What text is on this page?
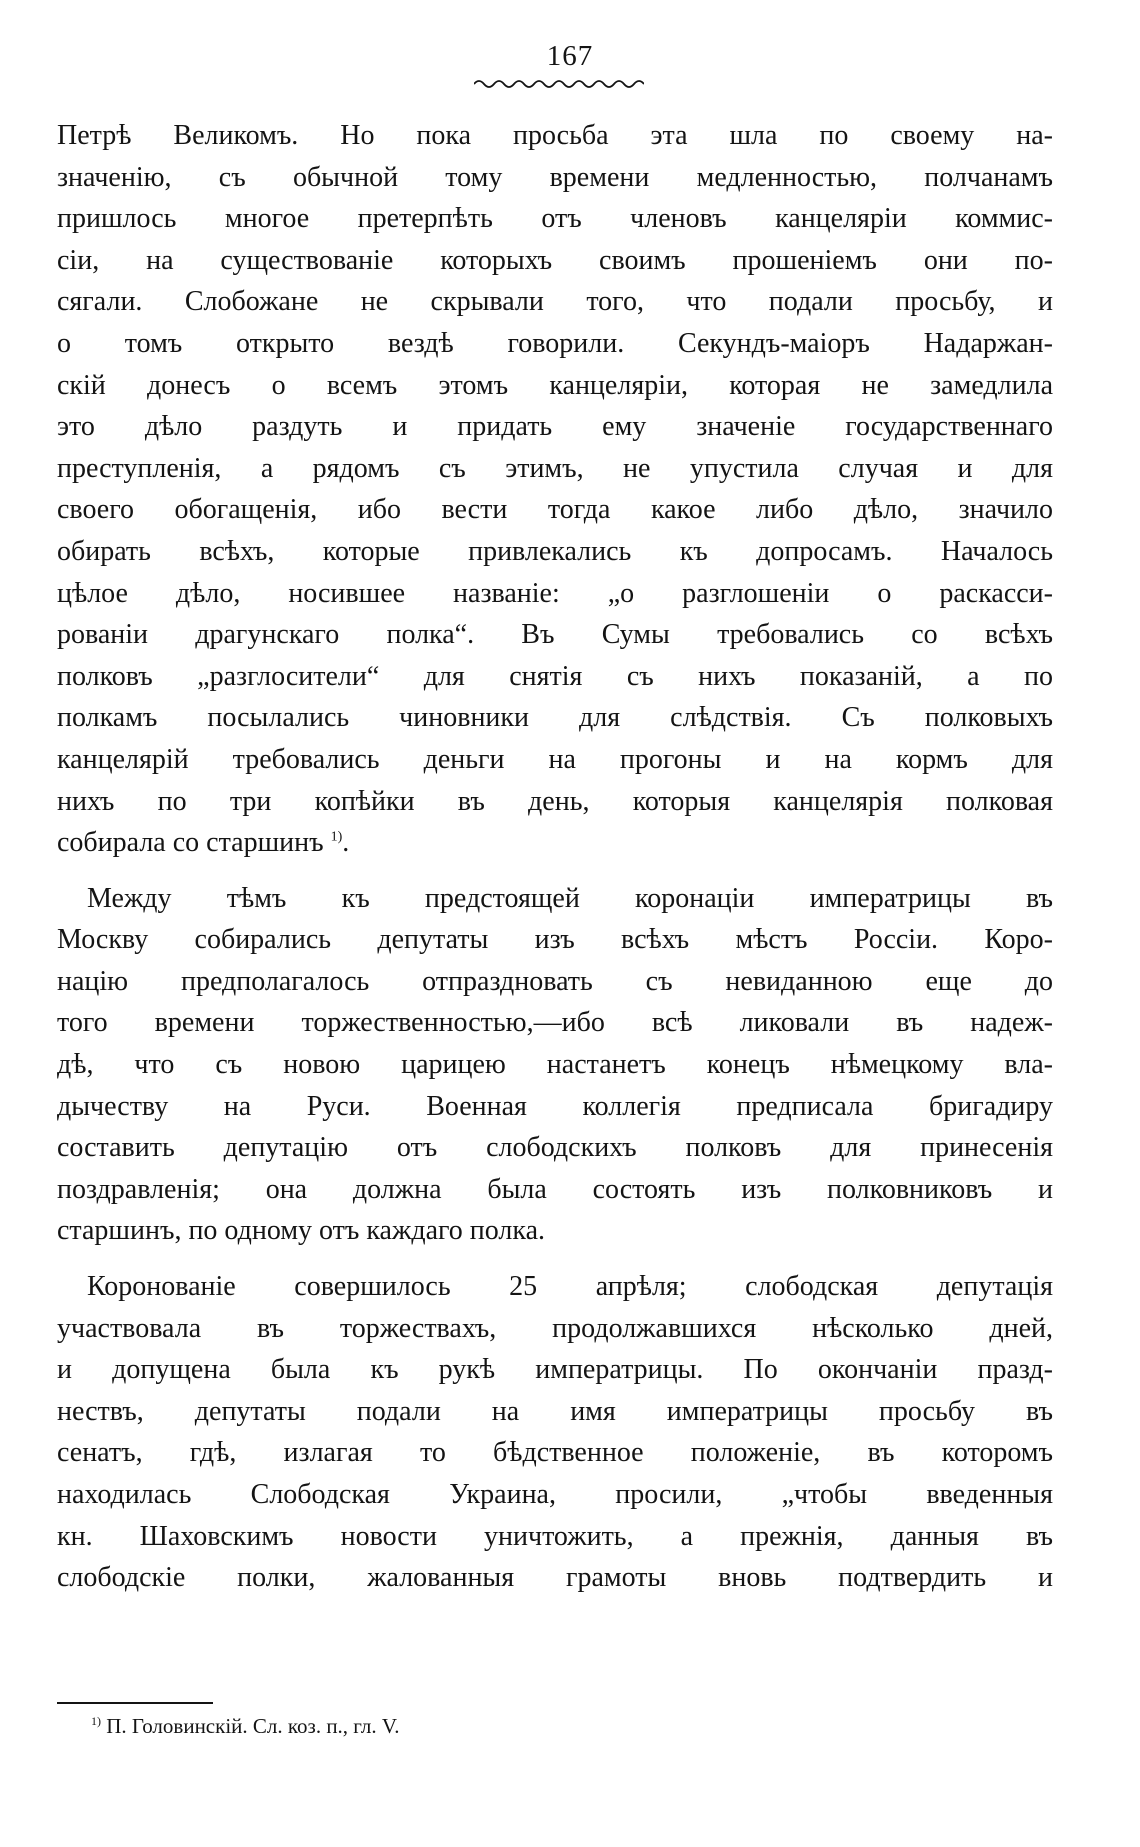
167
Петрѣ Великомъ. Но пока просьба эта шла по своему на-
значенію, съ обычной тому времени медленностью, полчанамъ
пришлось многое претерпѣть отъ членовъ канцеляріи коммис-
сіи, на существованіе которыхъ своимъ прошеніемъ они по-
сягали. Слобожане не скрывали того, что подали просьбу, и
о томъ открыто вездѣ говорили. Секундъ-маіоръ Надаржан-
скій донесъ о всемъ этомъ канцеляріи, которая не замедлила
это дѣло раздуть и придать ему значеніе государственнаго
преступленія, а рядомъ съ этимъ, не упустила случая и для
своего обогащенія, ибо вести тогда какое либо дѣло, значило
обирать всѣхъ, которые привлекались къ допросамъ. Началось
цѣлое дѣло, носившее названіе: „о разглошеніи о раскасси-
рованіи драгунскаго полка“. Въ Сумы требовались со всѣхъ
полковъ „разглосители“ для снятія съ нихъ показаній, а по
полкамъ посылались чиновники для слѣдствія. Съ полковыхъ
канцелярій требовались деньги на прогоны и на кормъ для
нихъ по три копѣйки въ день, которыя канцелярія полковая
собирала со старшинъ $^{1)}$.
Между тѣмъ къ предстоящей коронаціи императрицы въ
Москву собирались депутаты изъ всѣхъ мѣстъ Россіи. Коро-
націю предполагалось отпраздновать съ невиданною еще до
того времени торжественностью,—ибо всѣ ликовали въ надеж-
дѣ, что съ новою царицею настанетъ конецъ нѣмецкому вла-
дычеству на Руси. Военная коллегія предписала бригадиру
составить депутацію отъ слободскихъ полковъ для принесенія
поздравленія; она должна была состоять изъ полковниковъ и
старшинъ, по одному отъ каждаго полка.
Коронованіе совершилось 25 апрѣля; слободская депутація
участвовала въ торжествахъ, продолжавшихся нѣсколько дней,
и допущена была къ рукѣ императрицы. По окончаніи празд-
нествъ, депутаты подали на имя императрицы просьбу въ
сенатъ, гдѣ, излагая то бѣдственное положеніе, въ которомъ
находилась Слободская Украина, просили, „чтобы введенныя
кн. Шаховскимъ новости уничтожить, а прежнія, данныя въ
слободскіе полки, жалованныя грамоты вновь подтвердить и
$^{1)}$ П. Головинскій. Сл. коз. п., гл. V.
